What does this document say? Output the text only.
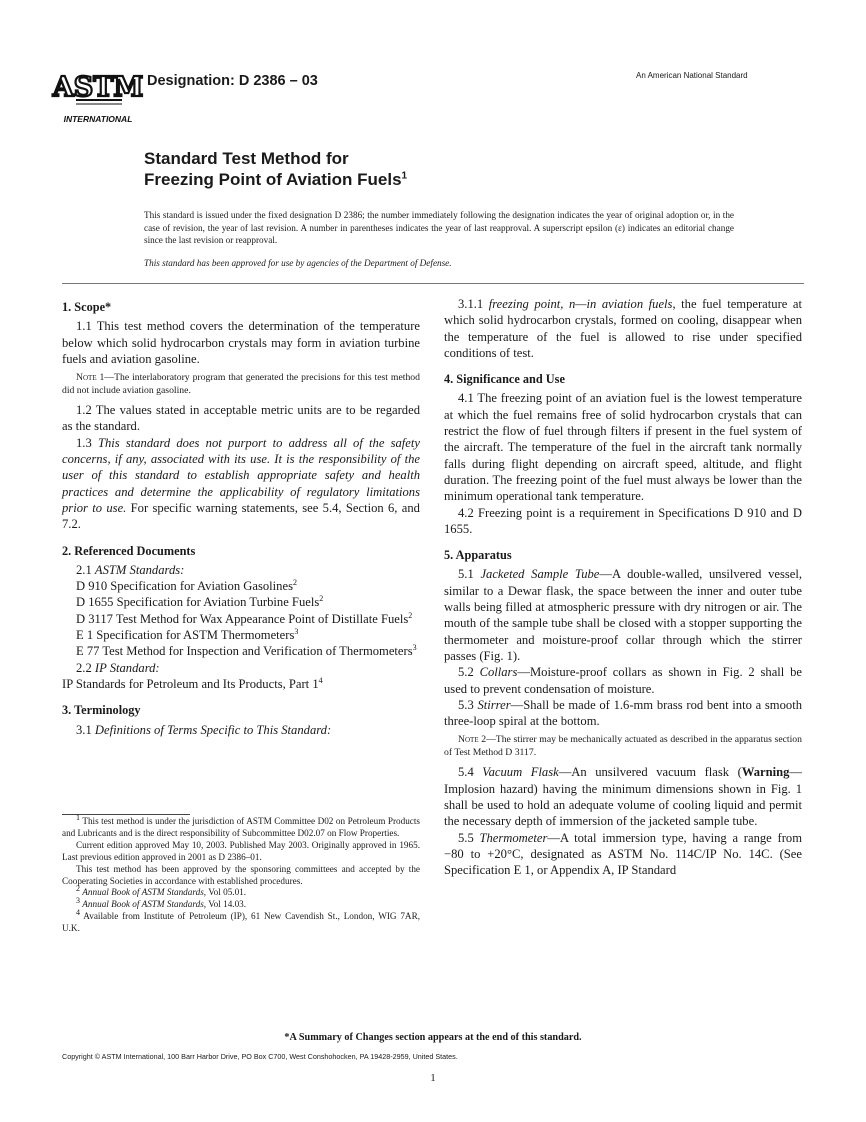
ASTM
INTERNATIONAL
Designation: D 2386 – 03	An American National Standard
Standard Test Method for
Freezing Point of Aviation Fuels$^1$
This standard is issued under the fixed designation D 2386; the number immediately following the designation indicates the year of original adoption or, in the case of revision, the year of last revision. A number in parentheses indicates the year of last reapproval. A superscript epsilon (ε) indicates an editorial change since the last revision or reapproval.
This standard has been approved for use by agencies of the Department of Defense.
1. Scope*

1.1 This test method covers the determination of the temperature below which solid hydrocarbon crystals may form in aviation turbine fuels and aviation gasoline.

Note 1—The interlaboratory program that generated the precisions for this test method did not include aviation gasoline.

1.2 The values stated in acceptable metric units are to be regarded as the standard.

1.3 This standard does not purport to address all of the safety concerns, if any, associated with its use. It is the responsibility of the user of this standard to establish appropriate safety and health practices and determine the applicability of regulatory limitations prior to use. For specific warning statements, see 5.4, Section 6, and 7.2.

2. Referenced Documents

2.1 ASTM Standards:

D 910 Specification for Aviation Gasolines$^2$

D 1655 Specification for Aviation Turbine Fuels$^2$

D 3117 Test Method for Wax Appearance Point of Distillate Fuels$^2$

E 1 Specification for ASTM Thermometers$^3$

E 77 Test Method for Inspection and Verification of Thermometers$^3$

2.2 IP Standard:

IP Standards for Petroleum and Its Products, Part $1^4$

3. Terminology

3.1 Definitions of Terms Specific to This Standard:

$^1$ This test method is under the jurisdiction of ASTM Committee D02 on Petroleum Products and Lubricants and is the direct responsibility of Subcommittee D02.07 on Flow Properties.

Current edition approved May 10, 2003. Published May 2003. Originally approved in 1965. Last previous edition approved in 2001 as D 2386–01.

This test method has been approved by the sponsoring committees and accepted by the Cooperating Societies in accordance with established procedures.

$^2$ Annual Book of ASTM Standards, Vol 05.01.

$^3$ Annual Book of ASTM Standards, Vol 14.03.

$^4$ Available from Institute of Petroleum (IP), 61 New Cavendish St., London, WIG 7AR, U.K.

3.1.1 freezing point, n—in aviation fuels, the fuel temperature at which solid hydrocarbon crystals, formed on cooling, disappear when the temperature of the fuel is allowed to rise under specified conditions of test.

4. Significance and Use

4.1 The freezing point of an aviation fuel is the lowest temperature at which the fuel remains free of solid hydrocarbon crystals that can restrict the flow of fuel through filters if present in the fuel system of the aircraft. The temperature of the fuel in the aircraft tank normally falls during flight depending on aircraft speed, altitude, and flight duration. The freezing point of the fuel must always be lower than the minimum operational tank temperature.

4.2 Freezing point is a requirement in Specifications D 910 and D 1655.

5. Apparatus

5.1 Jacketed Sample Tube—A double-walled, unsilvered vessel, similar to a Dewar flask, the space between the inner and outer tube walls being filled at atmospheric pressure with dry nitrogen or air. The mouth of the sample tube shall be closed with a stopper supporting the thermometer and moisture-proof collar through which the stirrer passes (Fig. 1).

5.2 Collars—Moisture-proof collars as shown in Fig. 2 shall be used to prevent condensation of moisture.

5.3 Stirrer—Shall be made of 1.6-mm brass rod bent into a smooth three-loop spiral at the bottom.

Note 2—The stirrer may be mechanically actuated as described in the apparatus section of Test Method D 3117.

5.4 Vacuum Flask—An unsilvered vacuum flask (Warning—Implosion hazard) having the minimum dimensions shown in Fig. 1 shall be used to hold an adequate volume of cooling liquid and permit the necessary depth of immersion of the jacketed sample tube.

5.5 Thermometer—A total immersion type, having a range from −80 to +20°C, designated as ASTM No. 114C/IP No. 14C. (See Specification E 1, or Appendix A, IP Standard

*A Summary of Changes section appears at the end of this standard.
Copyright © ASTM International, 100 Barr Harbor Drive, PO Box C700, West Conshohocken, PA 19428-2959, United States.
1
